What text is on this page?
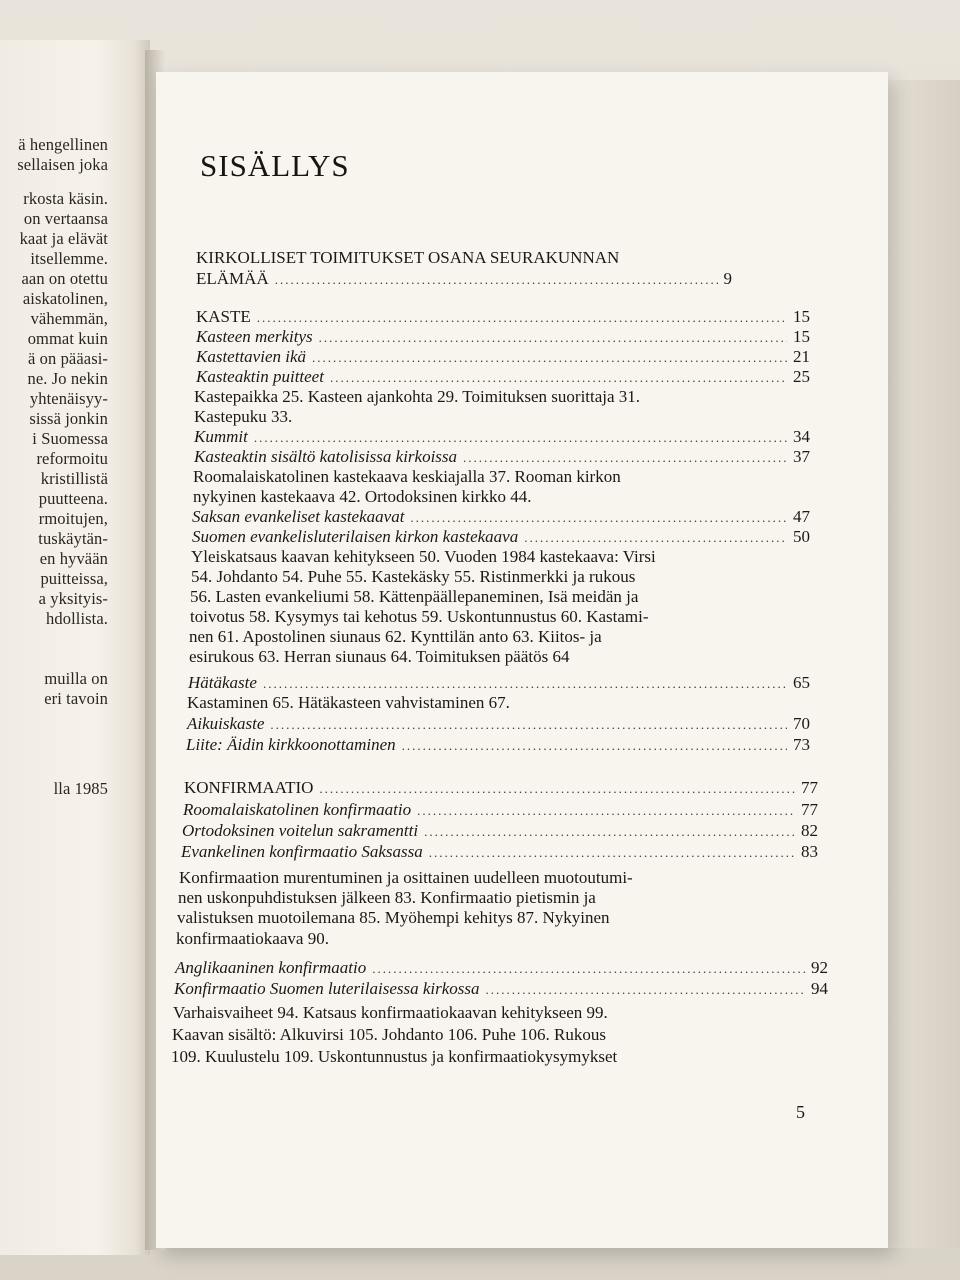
ä hengellinen
sellaisen joka
rkosta käsin.
on vertaansa
kaat ja elävät
itsellemme.
aan on otettu
aiskatolinen,
vähemmän,
ommat kuin
ä on pääasi-
ne. Jo nekin
yhtenäisyy-
sissä jonkin
i Suomessa
reformoitu
kristillistä
puutteena.
rmoitujen,
tuskäytän-
en hyvään
puitteissa,
a yksityis-
hdollista.
muilla on
eri tavoin
lla 1985
SISÄLLYS
KIRKOLLISET TOIMITUKSET OSANA SEURAKUNNAN
ELÄMÄÄ .....	9
KASTE .....	15
Kasteen merkitys .....	15
Kastettavien ikä .....	21
Kasteaktin puitteet .....	25
Kastepaikka 25. Kasteen ajankohta 29. Toimituksen suorittaja 31.
Kastepuku 33.
Kummit .....	34
Kasteaktin sisältö katolisissa kirkoissa .....	37
Roomalaiskatolinen kastekaava keskiajalla 37. Rooman kirkon
nykyinen kastekaava 42. Ortodoksinen kirkko 44.
Saksan evankeliset kastekaavat .....	47
Suomen evankelisluterilaisen kirkon kastekaava .....	50
Yleiskatsaus kaavan kehitykseen 50. Vuoden 1984 kastekaava: Virsi
54. Johdanto 54. Puhe 55. Kastekäsky 55. Ristinmerkki ja rukous
56. Lasten evankeliumi 58. Kättenpäällepaneminen, Isä meidän ja
toivotus 58. Kysymys tai kehotus 59. Uskontunnustus 60. Kastami-
nen 61. Apostolinen siunaus 62. Kynttilän anto 63. Kiitos- ja
esirukous 63. Herran siunaus 64. Toimituksen päätös 64
Hätäkaste .....	65
Kastaminen 65. Hätäkasteen vahvistaminen 67.
Aikuiskaste .....	70
Liite: Äidin kirkkoonottaminen .....	73
KONFIRMAATIO .....	77
Roomalaiskatolinen konfirmaatio .....	77
Ortodoksinen voitelun sakramentti .....	82
Evankelinen konfirmaatio Saksassa .....	83
Konfirmaation murentuminen ja osittainen uudelleen muotoutumi-
nen uskonpuhdistuksen jälkeen 83. Konfirmaatio pietismin ja
valistuksen muotoilemana 85. Myöhempi kehitys 87. Nykyinen
konfirmaatiokaava 90.
Anglikaaninen konfirmaatio .....	92
Konfirmaatio Suomen luterilaisessa kirkossa .....	94
Varhaisvaiheet 94. Katsaus konfirmaatiokaavan kehitykseen 99.
Kaavan sisältö: Alkuvirsi 105. Johdanto 106. Puhe 106. Rukous
109. Kuulustelu 109. Uskontunnustus ja konfirmaatiokysymykset
5
